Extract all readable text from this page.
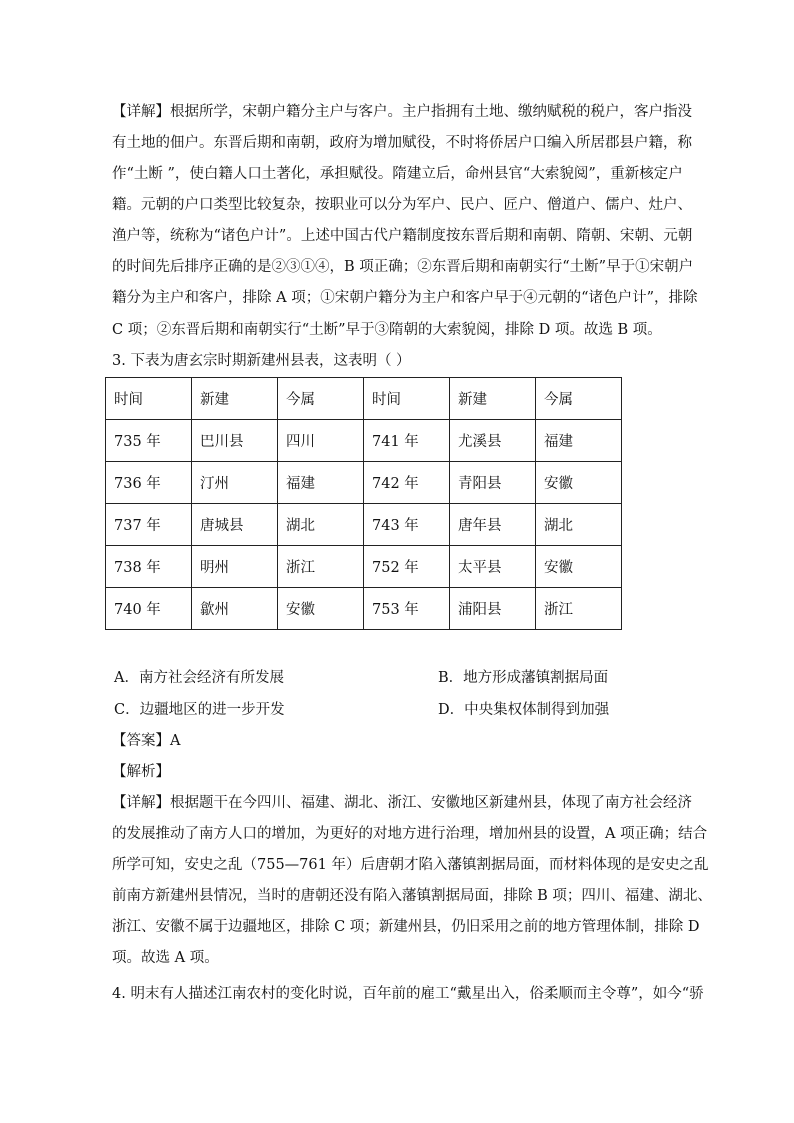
【详解】根据所学，宋朝户籍分主户与客户。主户指拥有土地、缴纳赋税的税户，客户指没
有土地的佃户。东晋后期和南朝，政府为增加赋役，不时将侨居户口编入所居郡县户籍，称
作“土断 ”，使白籍人口土著化，承担赋役。隋建立后，命州县官“大索貌阅”，重新核定户
籍。元朝的户口类型比较复杂，按职业可以分为军户、民户、匠户、僧道户、儒户、灶户、
渔户等，统称为“诸色户计”。上述中国古代户籍制度按东晋后期和南朝、隋朝、宋朝、元朝
的时间先后排序正确的是②③①④，B 项正确；②东晋后期和南朝实行“土断”早于①宋朝户
籍分为主户和客户，排除 A 项；①宋朝户籍分为主户和客户早于④元朝的“诸色户计”，排除
C 项；②东晋后期和南朝实行“土断”早于③隋朝的大索貌阅，排除 D 项。故选 B 项。
3. 下表为唐玄宗时期新建州县表，这表明（ ）
时间	新建	今属	时间	新建	今属
735 年	巴川县	四川	741 年	尤溪县	福建
736 年	汀州	福建	742 年	青阳县	安徽
737 年	唐城县	湖北	743 年	唐年县	湖北
738 年	明州	浙江	752 年	太平县	安徽
740 年	歙州	安徽	753 年	浦阳县	浙江
A．南方社会经济有所发展	B．地方形成藩镇割据局面
C．边疆地区的进一步开发	D．中央集权体制得到加强
【答案】A
【解析】
【详解】根据题干在今四川、福建、湖北、浙江、安徽地区新建州县，体现了南方社会经济
的发展推动了南方人口的增加，为更好的对地方进行治理，增加州县的设置，A 项正确；结合
所学可知，安史之乱（755—761 年）后唐朝才陷入藩镇割据局面，而材料体现的是安史之乱
前南方新建州县情况，当时的唐朝还没有陷入藩镇割据局面，排除 B 项；四川、福建、湖北、
浙江、安徽不属于边疆地区，排除 C 项；新建州县，仍旧采用之前的地方管理体制，排除 D
项。故选 A 项。
4. 明末有人描述江南农村的变化时说，百年前的雇工“戴星出入，俗柔顺而主令尊”，如今“骄
